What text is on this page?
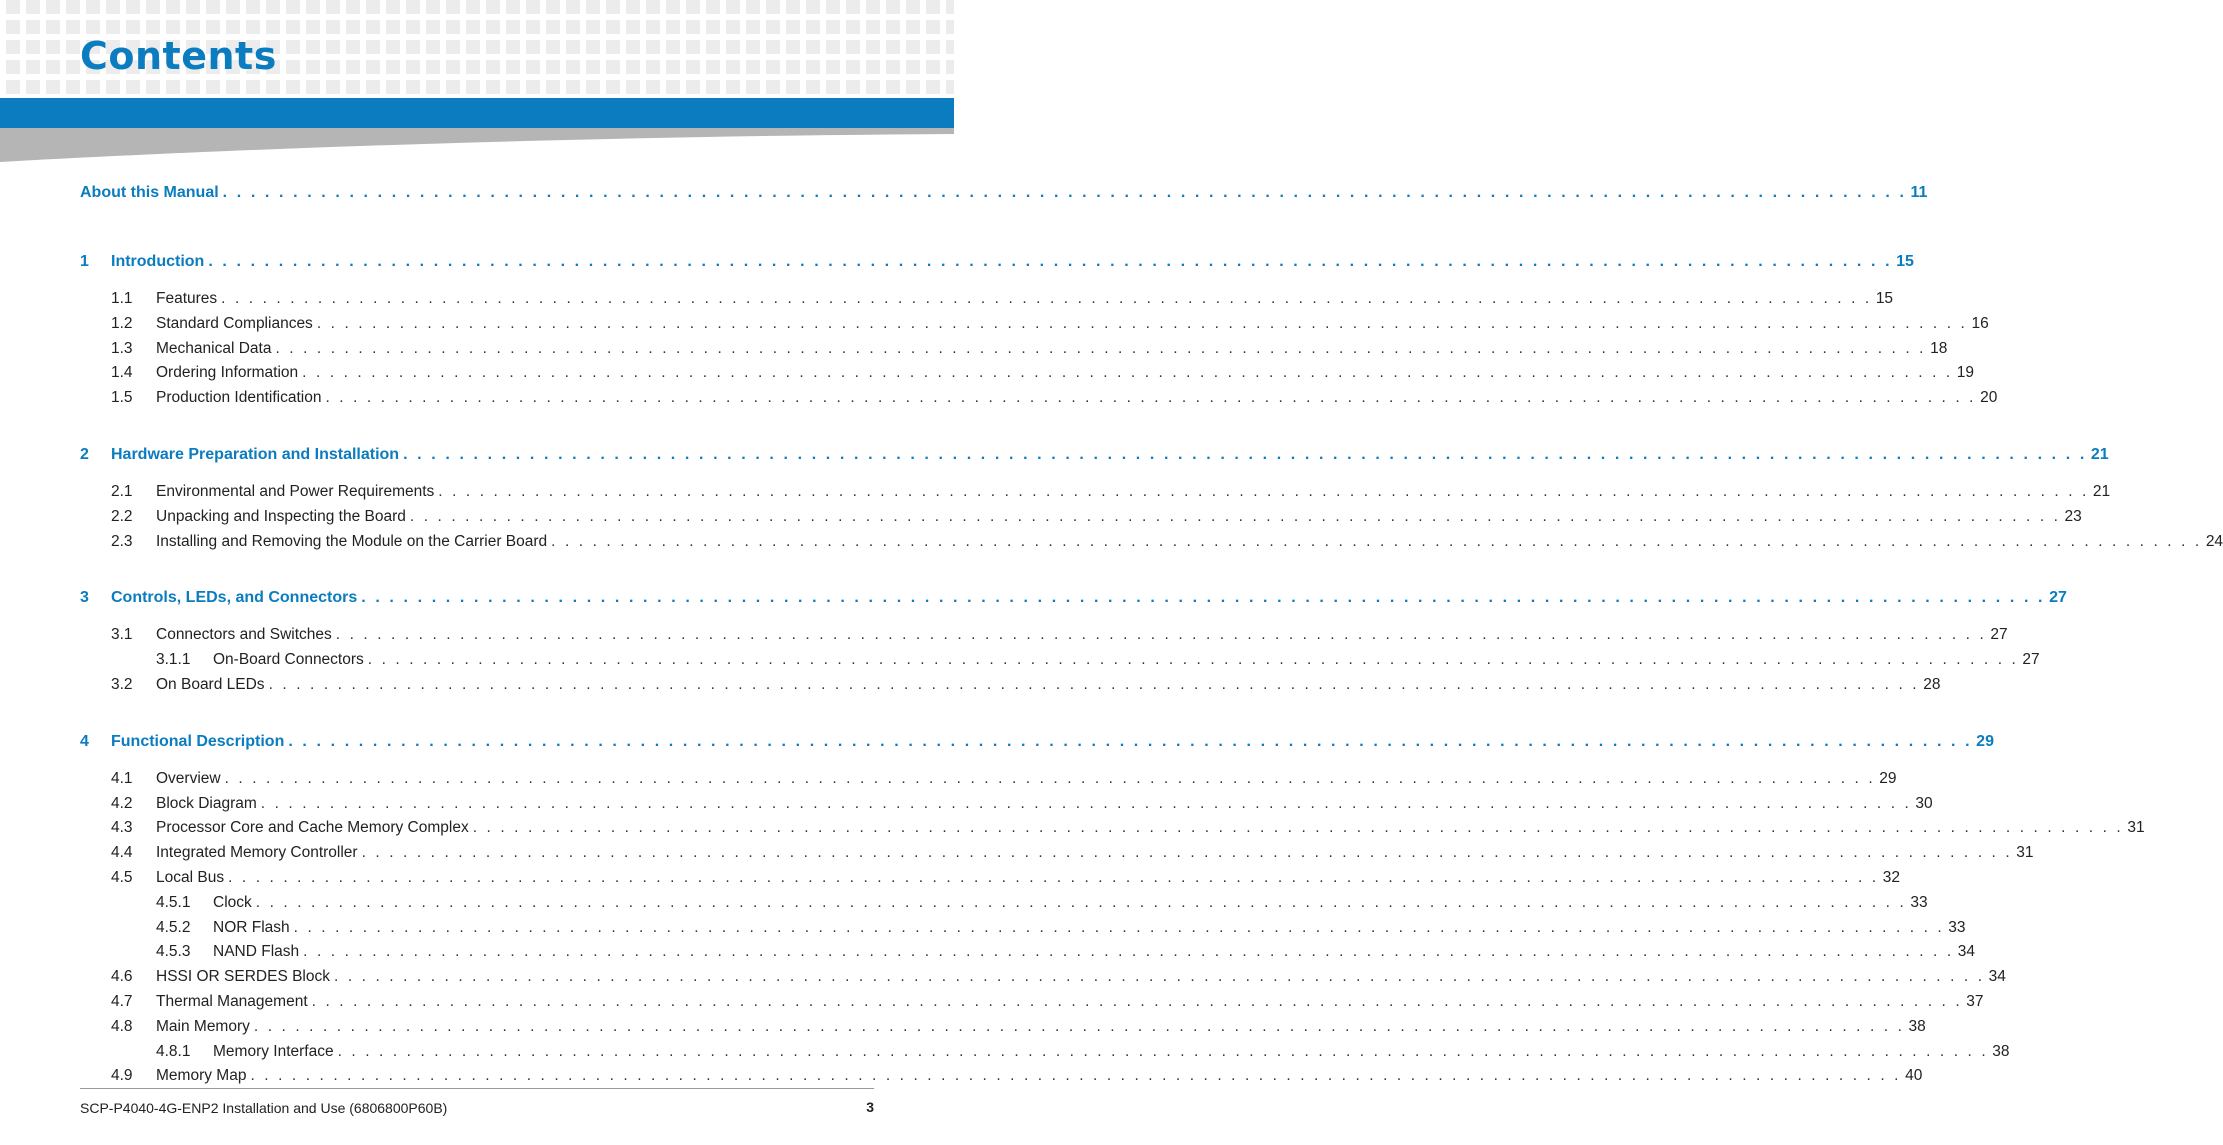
Contents
About this Manual . . . . . . . . . . . . . . . . . . . . . . . . . . . . . . . . . . . . . . . . . . . . . . . . . . . . . . . . . . . . . . . . . . . . . . . . . . . . . . . . . . . . . . . . . . . . . . . . . . . . . . . . . . . . . . . . . . . . . . . . 11
1	Introduction . . . . . . . . . . . . . . . . . . . . . . . . . . . . . . . . . . . . . . . . . . . . . . . . . . . . . . . . . . . . . . . . . . . . . . . . . . . . . . . . . . . . . . . . . . . . . . . . . . . . . . . . . . . . . . . . . . . . . . . . 15
1.1	Features . . . . . . . . . . . . . . . . . . . . . . . . . . . . . . . . . . . . . . . . . . . . . . . . . . . . . . . . . . . . . . . . . . . . . . . . . . . . . . . . . . . . . . . . . . . . . . . . . . . . . . . . . . . . . . . . . . . . . . . . 15
1.2	Standard Compliances . . . . . . . . . . . . . . . . . . . . . . . . . . . . . . . . . . . . . . . . . . . . . . . . . . . . . . . . . . . . . . . . . . . . . . . . . . . . . . . . . . . . . . . . . . . . . . . . . . . . . . . . . . . . . . . . . . . . . . . . 16
1.3	Mechanical Data . . . . . . . . . . . . . . . . . . . . . . . . . . . . . . . . . . . . . . . . . . . . . . . . . . . . . . . . . . . . . . . . . . . . . . . . . . . . . . . . . . . . . . . . . . . . . . . . . . . . . . . . . . . . . . . . . . . . . . . . 18
1.4	Ordering Information . . . . . . . . . . . . . . . . . . . . . . . . . . . . . . . . . . . . . . . . . . . . . . . . . . . . . . . . . . . . . . . . . . . . . . . . . . . . . . . . . . . . . . . . . . . . . . . . . . . . . . . . . . . . . . . . . . . . . . . . 19
1.5	Production Identification . . . . . . . . . . . . . . . . . . . . . . . . . . . . . . . . . . . . . . . . . . . . . . . . . . . . . . . . . . . . . . . . . . . . . . . . . . . . . . . . . . . . . . . . . . . . . . . . . . . . . . . . . . . . . . . . . . . . . . . . 20
2	Hardware Preparation and Installation . . . . . . . . . . . . . . . . . . . . . . . . . . . . . . . . . . . . . . . . . . . . . . . . . . . . . . . . . . . . . . . . . . . . . . . . . . . . . . . . . . . . . . . . . . . . . . . . . . . . . . . . . . . . . . . . . . . . . . . . 21
2.1	Environmental and Power Requirements . . . . . . . . . . . . . . . . . . . . . . . . . . . . . . . . . . . . . . . . . . . . . . . . . . . . . . . . . . . . . . . . . . . . . . . . . . . . . . . . . . . . . . . . . . . . . . . . . . . . . . . . . . . . . . . . . . . . . . . . 21
2.2	Unpacking and Inspecting the Board . . . . . . . . . . . . . . . . . . . . . . . . . . . . . . . . . . . . . . . . . . . . . . . . . . . . . . . . . . . . . . . . . . . . . . . . . . . . . . . . . . . . . . . . . . . . . . . . . . . . . . . . . . . . . . . . . . . . . . . . 23
2.3	Installing and Removing the Module on the Carrier Board . . . . . . . . . . . . . . . . . . . . . . . . . . . . . . . . . . . . . . . . . . . . . . . . . . . . . . . . . . . . . . . . . . . . . . . . . . . . . . . . . . . . . . . . . . . . . . . . . . . . . . . . . . . . . . . . . . . . . . . . 24
3	Controls, LEDs, and Connectors . . . . . . . . . . . . . . . . . . . . . . . . . . . . . . . . . . . . . . . . . . . . . . . . . . . . . . . . . . . . . . . . . . . . . . . . . . . . . . . . . . . . . . . . . . . . . . . . . . . . . . . . . . . . . . . . . . . . . . . . 27
3.1	Connectors and Switches . . . . . . . . . . . . . . . . . . . . . . . . . . . . . . . . . . . . . . . . . . . . . . . . . . . . . . . . . . . . . . . . . . . . . . . . . . . . . . . . . . . . . . . . . . . . . . . . . . . . . . . . . . . . . . . . . . . . . . . . 27
3.1.1	On-Board Connectors . . . . . . . . . . . . . . . . . . . . . . . . . . . . . . . . . . . . . . . . . . . . . . . . . . . . . . . . . . . . . . . . . . . . . . . . . . . . . . . . . . . . . . . . . . . . . . . . . . . . . . . . . . . . . . . . . . . . . . . . 27
3.2	On Board LEDs . . . . . . . . . . . . . . . . . . . . . . . . . . . . . . . . . . . . . . . . . . . . . . . . . . . . . . . . . . . . . . . . . . . . . . . . . . . . . . . . . . . . . . . . . . . . . . . . . . . . . . . . . . . . . . . . . . . . . . . . 28
4	Functional Description . . . . . . . . . . . . . . . . . . . . . . . . . . . . . . . . . . . . . . . . . . . . . . . . . . . . . . . . . . . . . . . . . . . . . . . . . . . . . . . . . . . . . . . . . . . . . . . . . . . . . . . . . . . . . . . . . . . . . . . . 29
4.1	Overview . . . . . . . . . . . . . . . . . . . . . . . . . . . . . . . . . . . . . . . . . . . . . . . . . . . . . . . . . . . . . . . . . . . . . . . . . . . . . . . . . . . . . . . . . . . . . . . . . . . . . . . . . . . . . . . . . . . . . . . . 29
4.2	Block Diagram . . . . . . . . . . . . . . . . . . . . . . . . . . . . . . . . . . . . . . . . . . . . . . . . . . . . . . . . . . . . . . . . . . . . . . . . . . . . . . . . . . . . . . . . . . . . . . . . . . . . . . . . . . . . . . . . . . . . . . . . 30
4.3	Processor Core and Cache Memory Complex . . . . . . . . . . . . . . . . . . . . . . . . . . . . . . . . . . . . . . . . . . . . . . . . . . . . . . . . . . . . . . . . . . . . . . . . . . . . . . . . . . . . . . . . . . . . . . . . . . . . . . . . . . . . . . . . . . . . . . . . 31
4.4	Integrated Memory Controller . . . . . . . . . . . . . . . . . . . . . . . . . . . . . . . . . . . . . . . . . . . . . . . . . . . . . . . . . . . . . . . . . . . . . . . . . . . . . . . . . . . . . . . . . . . . . . . . . . . . . . . . . . . . . . . . . . . . . . . . 31
4.5	Local Bus . . . . . . . . . . . . . . . . . . . . . . . . . . . . . . . . . . . . . . . . . . . . . . . . . . . . . . . . . . . . . . . . . . . . . . . . . . . . . . . . . . . . . . . . . . . . . . . . . . . . . . . . . . . . . . . . . . . . . . . . 32
4.5.1	Clock . . . . . . . . . . . . . . . . . . . . . . . . . . . . . . . . . . . . . . . . . . . . . . . . . . . . . . . . . . . . . . . . . . . . . . . . . . . . . . . . . . . . . . . . . . . . . . . . . . . . . . . . . . . . . . . . . . . . . . . . 33
4.5.2	NOR Flash . . . . . . . . . . . . . . . . . . . . . . . . . . . . . . . . . . . . . . . . . . . . . . . . . . . . . . . . . . . . . . . . . . . . . . . . . . . . . . . . . . . . . . . . . . . . . . . . . . . . . . . . . . . . . . . . . . . . . . . . 33
4.5.3	NAND Flash . . . . . . . . . . . . . . . . . . . . . . . . . . . . . . . . . . . . . . . . . . . . . . . . . . . . . . . . . . . . . . . . . . . . . . . . . . . . . . . . . . . . . . . . . . . . . . . . . . . . . . . . . . . . . . . . . . . . . . . . 34
4.6	HSSI OR SERDES Block . . . . . . . . . . . . . . . . . . . . . . . . . . . . . . . . . . . . . . . . . . . . . . . . . . . . . . . . . . . . . . . . . . . . . . . . . . . . . . . . . . . . . . . . . . . . . . . . . . . . . . . . . . . . . . . . . . . . . . . . 34
4.7	Thermal Management . . . . . . . . . . . . . . . . . . . . . . . . . . . . . . . . . . . . . . . . . . . . . . . . . . . . . . . . . . . . . . . . . . . . . . . . . . . . . . . . . . . . . . . . . . . . . . . . . . . . . . . . . . . . . . . . . . . . . . . . 37
4.8	Main Memory . . . . . . . . . . . . . . . . . . . . . . . . . . . . . . . . . . . . . . . . . . . . . . . . . . . . . . . . . . . . . . . . . . . . . . . . . . . . . . . . . . . . . . . . . . . . . . . . . . . . . . . . . . . . . . . . . . . . . . . . 38
4.8.1	Memory Interface . . . . . . . . . . . . . . . . . . . . . . . . . . . . . . . . . . . . . . . . . . . . . . . . . . . . . . . . . . . . . . . . . . . . . . . . . . . . . . . . . . . . . . . . . . . . . . . . . . . . . . . . . . . . . . . . . . . . . . . . 38
4.9	Memory Map . . . . . . . . . . . . . . . . . . . . . . . . . . . . . . . . . . . . . . . . . . . . . . . . . . . . . . . . . . . . . . . . . . . . . . . . . . . . . . . . . . . . . . . . . . . . . . . . . . . . . . . . . . . . . . . . . . . . . . . . 40
SCP-P4040-4G-ENP2 Installation and Use (6806800P60B)	3
